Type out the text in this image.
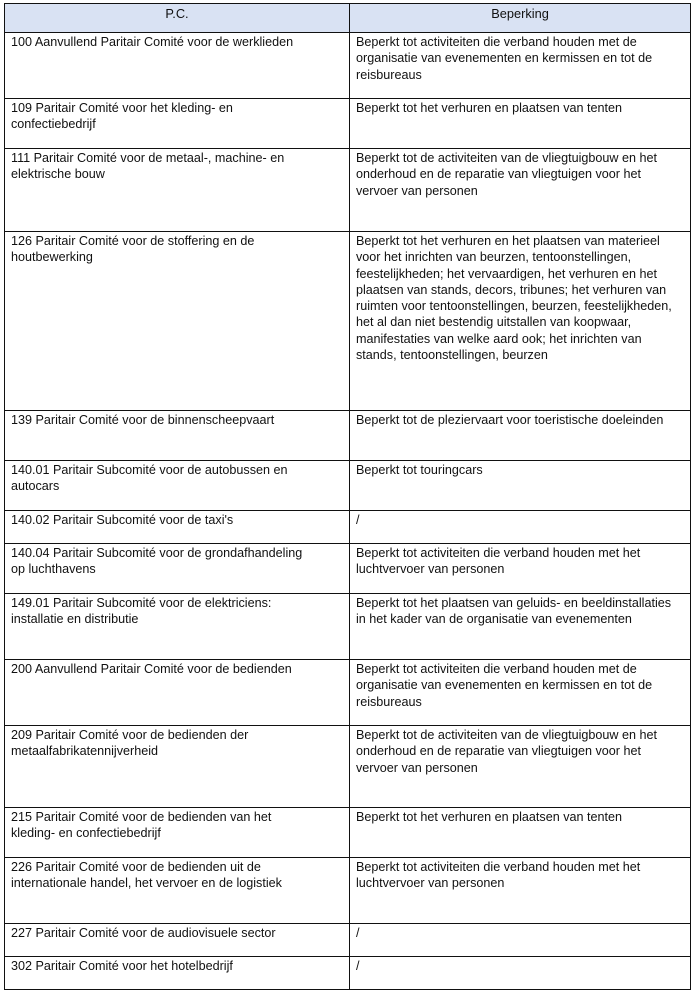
P.C.	Beperking

100 Aanvullend Paritair Comité voor de werklieden	Beperkt tot activiteiten die verband houden met de organisatie van evenementen en kermissen en tot de reisbureaus

109 Paritair Comité voor het kleding- en confectiebedrijf	Beperkt tot het verhuren en plaatsen van tenten

111 Paritair Comité voor de metaal-, machine- en elektrische bouw	Beperkt tot de activiteiten van de vliegtuigbouw en het onderhoud en de reparatie van vliegtuigen voor het vervoer van personen

126 Paritair Comité voor de stoffering en de houtbewerking	Beperkt tot het verhuren en het plaatsen van materieel voor het inrichten van beurzen, tentoonstellingen, feestelijkheden; het vervaardigen, het verhuren en het plaatsen van stands, decors, tribunes; het verhuren van ruimten voor tentoonstellingen, beurzen, feestelijkheden, het al dan niet bestendig uitstallen van koopwaar, manifestaties van welke aard ook; het inrichten van stands, tentoonstellingen, beurzen

139 Paritair Comité voor de binnenscheepvaart	Beperkt tot de pleziervaart voor toeristische doeleinden

140.01 Paritair Subcomité voor de autobussen en autocars	Beperkt tot touringcars

140.02 Paritair Subcomité voor de taxi's	/

140.04 Paritair Subcomité voor de grondafhandeling op luchthavens	Beperkt tot activiteiten die verband houden met het luchtvervoer van personen

149.01 Paritair Subcomité voor de elektriciens: installatie en distributie	Beperkt tot het plaatsen van geluids- en beeldinstallaties in het kader van de organisatie van evenementen

200 Aanvullend Paritair Comité voor de bedienden	Beperkt tot activiteiten die verband houden met de organisatie van evenementen en kermissen en tot de reisbureaus

209 Paritair Comité voor de bedienden der metaalfabrikatennijverheid	Beperkt tot de activiteiten van de vliegtuigbouw en het onderhoud en de reparatie van vliegtuigen voor het vervoer van personen

215 Paritair Comité voor de bedienden van het kleding- en confectiebedrijf	Beperkt tot het verhuren en plaatsen van tenten

226 Paritair Comité voor de bedienden uit de internationale handel, het vervoer en de logistiek	Beperkt tot activiteiten die verband houden met het luchtvervoer van personen

227 Paritair Comité voor de audiovisuele sector	/

302 Paritair Comité voor het hotelbedrijf	/
